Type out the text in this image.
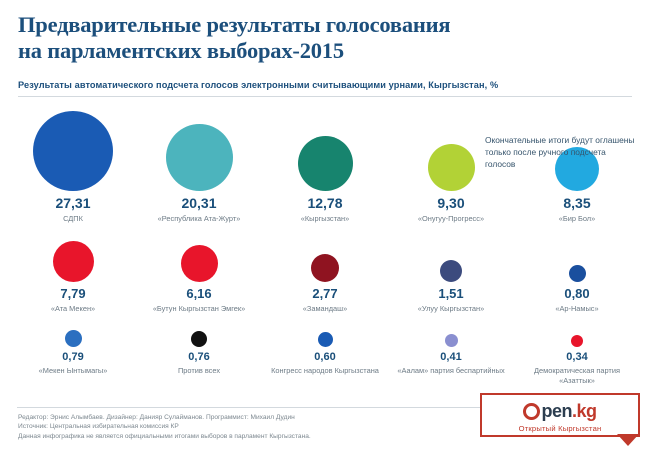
Предварительные результаты голосования
на парламентских выборах-2015
Результаты автоматического подсчета голосов электронными считывающими урнами, Кыргызстан, %
27,31
СДПК
20,31
«Республика Ата-Журт»
12,78
«Кыргызстан»
9,30
«Онугуу-Прогресс»
8,35
«Бир Бол»
7,79
«Ата Мекен»
6,16
«Бутун Кыргызстан Эмгек»
2,77
«Замандаш»
1,51
«Улуу Кыргызстан»
0,80
«Ар-Намыс»
0,79
«Мекен Ынтымагы»
0,76
Против всех
0,60
Конгресс народов Кыргызстана
0,41
«Аалам» партия беспартийных
0,34
Демократическая партия «Азаттык»
Окончательные итоги будут оглашены только после ручного подсчета голосов
Редактор: Эрнис Алымбаев. Дизайнер: Данияр Сулайманов. Программист: Михаил Дудин
Источник: Центральная избирательная комиссия КР
Данная инфографика не является официальными итогами выборов в парламент Кыргызстана.
pen.kg
Открытый Кыргызстан
